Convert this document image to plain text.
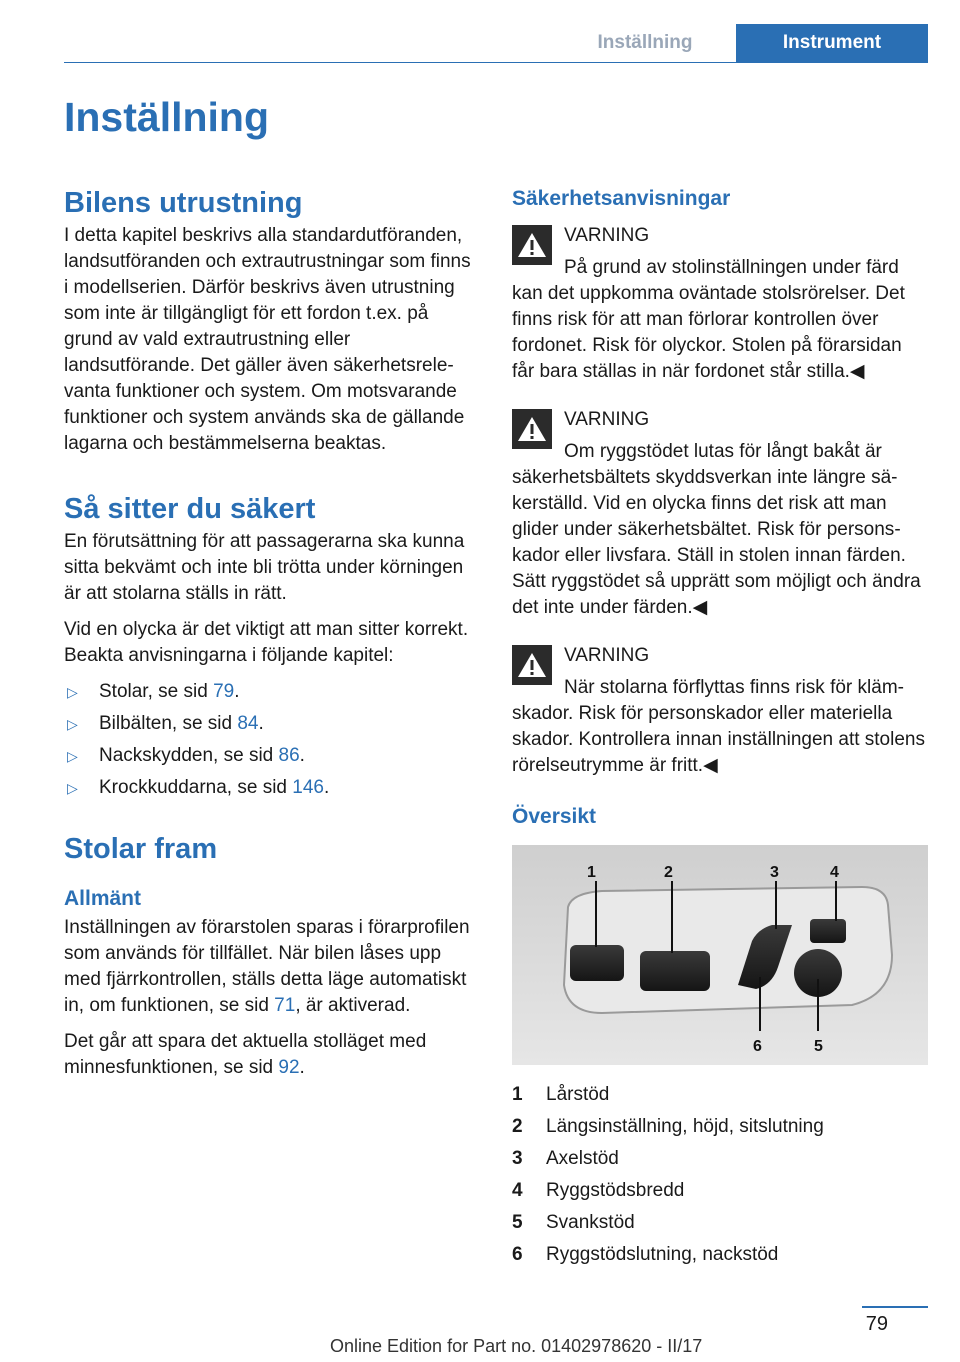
Inställning	Instrument
Inställning
Bilens utrustning

I detta kapitel beskrivs alla standardutföranden, landsutföranden och extrautrustningar som finns i modellserien. Därför beskrivs även utrustning som inte är tillgängligt för ett fordon t.ex. på grund av vald extrautrustning eller landsutförande. Det gäller även säkerhetsrelevanta funktioner och system. Om motsvarande funktioner och system används ska de gällande lagarna och bestämmelserna beaktas.

Så sitter du säkert

En förutsättning för att passagerarna ska kunna sitta bekvämt och inte bli trötta under körningen är att stolarna ställs in rätt.

Vid en olycka är det viktigt att man sitter korrekt. Beakta anvisningarna i följande kapitel:

▷ Stolar, se sid 79.
▷ Bilbälten, se sid 84.
▷ Nackskydden, se sid 86.
▷ Krockkuddarna, se sid 146.
Stolar fram
Allmänt

Inställningen av förarstolen sparas i förarprofilen som används för tillfället. När bilen låses upp med fjärrkontrollen, ställs detta läge automatiskt in, om funktionen, se sid 71, är aktiverad.

Det går att spara det aktuella stolläget med minnesfunktionen, se sid 92.

Säkerhetsanvisningar
VARNING

På grund av stolinställningen under färd kan det uppkomma oväntade stolsrörelser. Det finns risk för att man förlorar kontrollen över fordonet. Risk för olyckor. Stolen på förarsidan får bara ställas in när fordonet står stilla.◀

VARNING

Om ryggstödet lutas för långt bakåt är säkerhetsbältets skyddsverkan inte längre säkerställd. Vid en olycka finns det risk att man glider under säkerhetsbältet. Risk för personskador eller livsfara. Ställ in stolen innan färden. Sätt ryggstödet så upprätt som möjligt och ändra det inte under färden.◀

VARNING

När stolarna förflyttas finns risk för klämskador. Risk för personskador eller materiella skador. Kontrollera innan inställningen att stolens rörelseutrymme är fritt.◀

Översikt
1	2	3	4
5
6
1	Lårstöd
2	Längsinställning, höjd, sitslutning
3	Axelstöd
4	Ryggstödsbredd
5	Svankstöd
6	Ryggstödslutning, nackstöd
79
Online Edition for Part no. 01402978620 - II/17
